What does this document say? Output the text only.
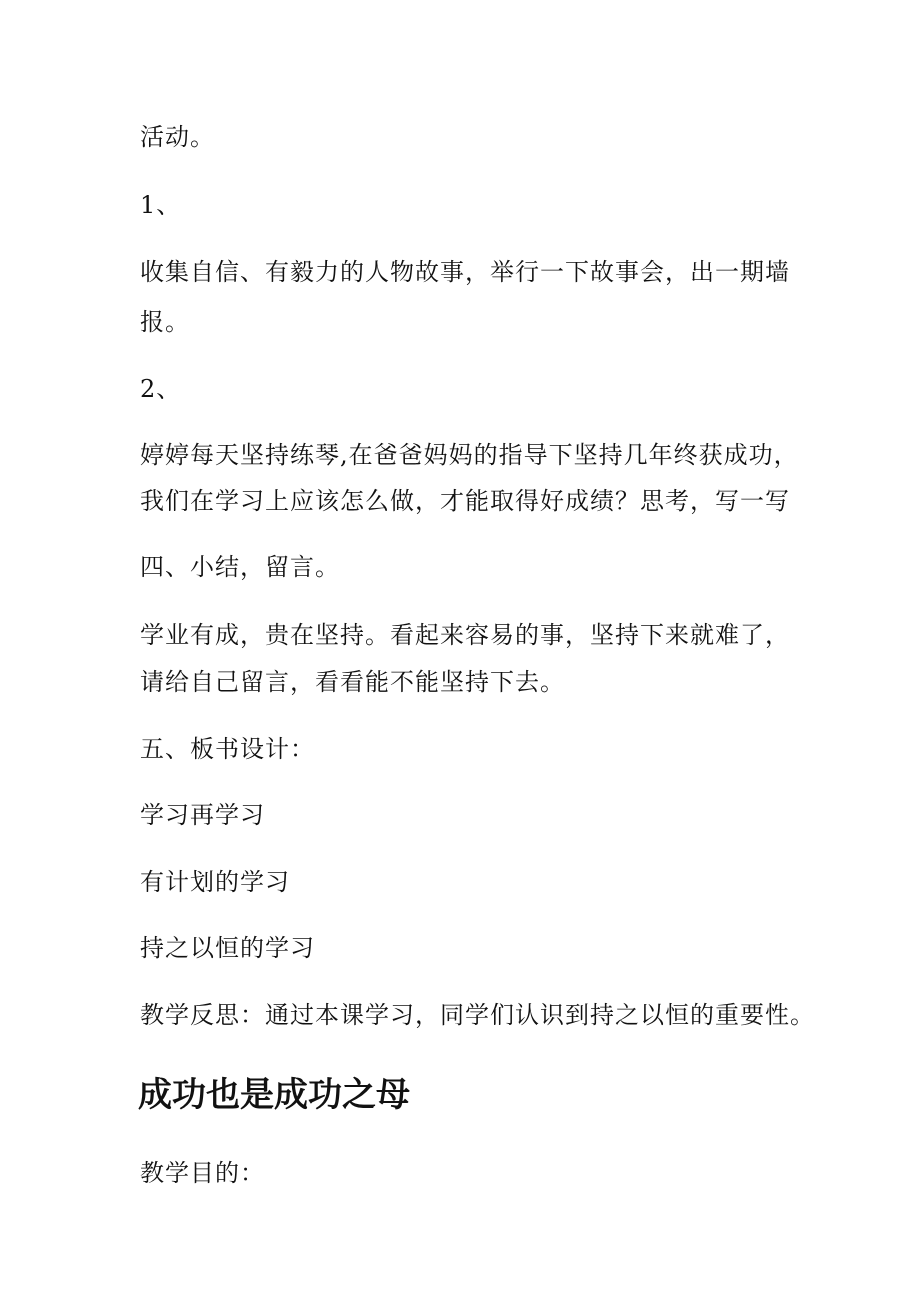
活动。
1、
收集自信、有毅力的人物故事，举行一下故事会，出一期墙
报。
2、
婷婷每天坚持练琴,在爸爸妈妈的指导下坚持几年终获成功，
我们在学习上应该怎么做，才能取得好成绩？思考，写一写
四、小结，留言。
学业有成，贵在坚持。看起来容易的事，坚持下来就难了，
请给自己留言，看看能不能坚持下去。
五、板书设计：
学习再学习
有计划的学习
持之以恒的学习
教学反思：通过本课学习，同学们认识到持之以恒的重要性。
成功也是成功之母
教学目的：
